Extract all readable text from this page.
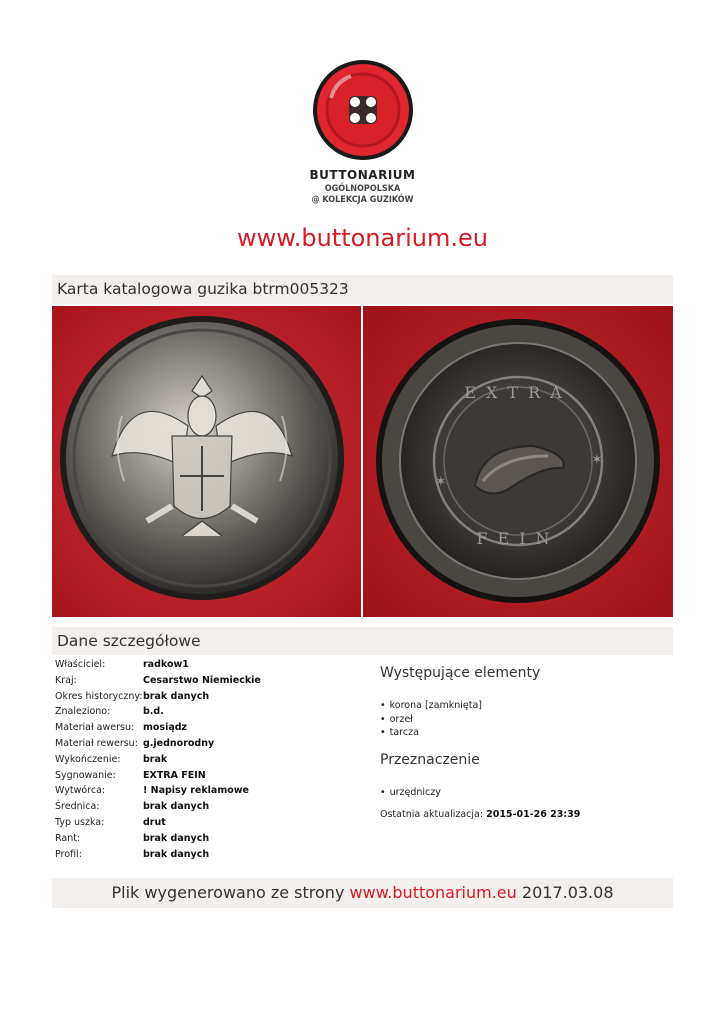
BUTTONARIUM
OGÓLNOPOLSKA
@ KOLEKCJA GUZIKÓW
www.buttonarium.eu
Karta katalogowa guzika btrm005323
EXTRA
FEIN
✶
✶
Dane szczegółowe
Właściciel:	radkow1
Kraj:	Cesarstwo Niemieckie
Okres historyczny:brak danych
Znaleziono:	b.d.
Materiał awersu: mosiądz
Materiał rewersu: g.jednorodny
Wykończenie: brak
Sygnowanie:	EXTRA FEIN
Wytwórca:	! Napisy reklamowe
Średnica:	brak danych
Typ uszka:	drut
Rant:	brak danych
Profil:	brak danych
Występujące elementy
• korona [zamknięta]
• orzeł
• tarcza
Przeznaczenie
• urzędniczy
Ostatnia aktualizacja: 2015-01-26 23:39
Plik wygenerowano ze strony www.buttonarium.eu 2017.03.08
